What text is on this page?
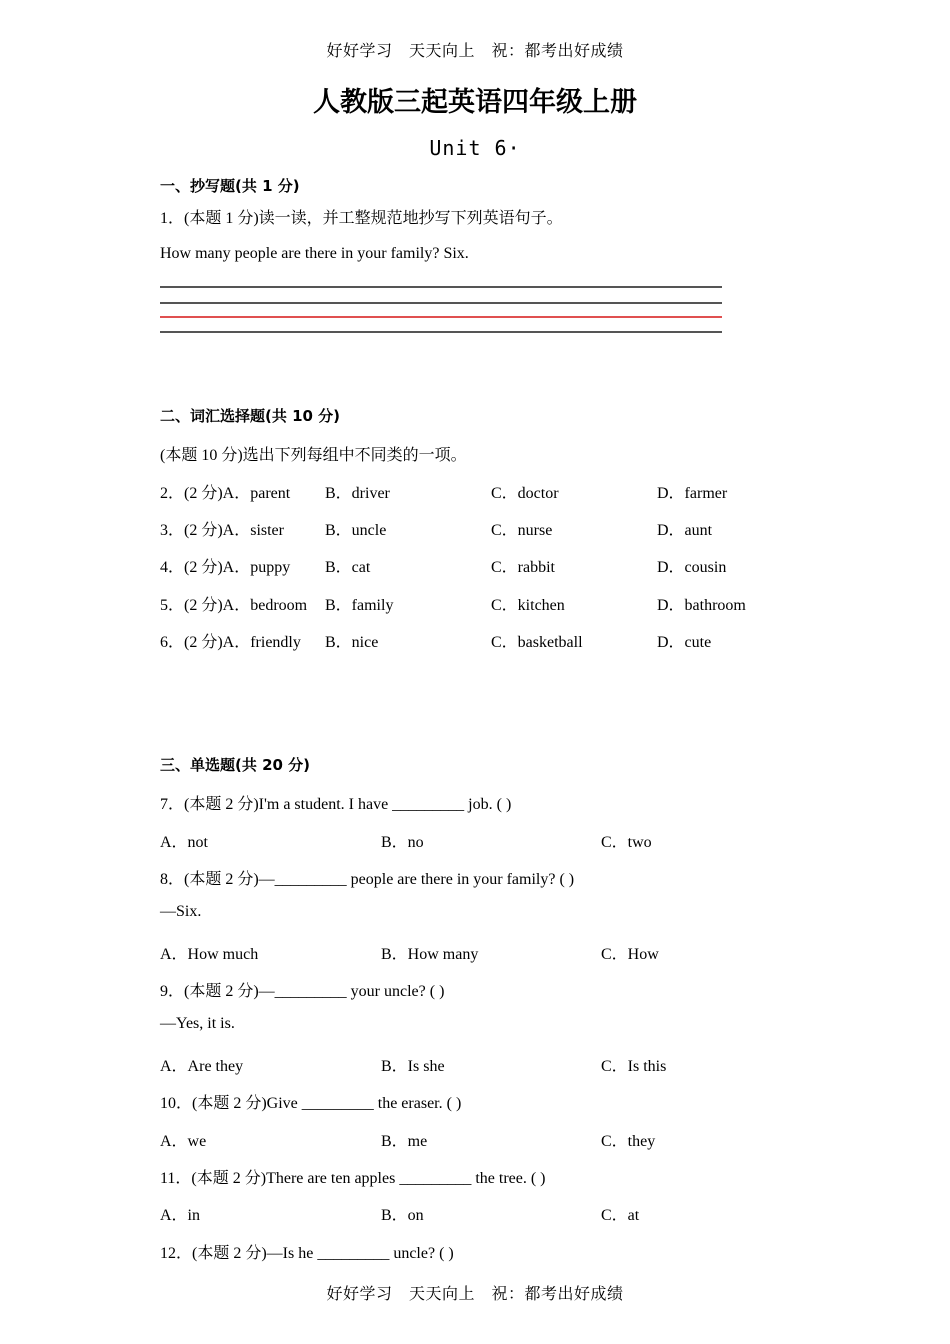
好好学习　天天向上　祝：都考出好成绩
人教版三起英语四年级上册
Unit 6·
一、抄写题(共 1 分)
1．(本题 1 分)读一读，并工整规范地抄写下列英语句子。
How many people are there in your family? Six.
二、词汇选择题(共 10 分)
(本题 10 分)选出下列每组中不同类的一项。
2．(2 分)A．parent B．driver	C．doctor	D．farmer
3．(2 分)A．sister	B．uncle	C．nurse	D．aunt
4．(2 分)A．puppy B．cat	C．rabbit	D．cousin
5．(2 分)A．bedroom B．family	C．kitchen	D．bathroom
6．(2 分)A．friendly B．nice	C．basketball	D．cute
三、单选题(共 20 分)
7．(本题 2 分)I'm a student. I have _________ job. ( )
A．not	B．no	C．two
8．(本题 2 分)—_________ people are there in your family? ( )
—Six.
A．How much	B．How many	C．How
9．(本题 2 分)—_________ your uncle? ( )
—Yes, it is.
A．Are they	B．Is she	C．Is this
10．(本题 2 分)Give _________ the eraser. ( )
A．we	B．me	C．they
11．(本题 2 分)There are ten apples _________ the tree. ( )
A．in	B．on	C．at
12．(本题 2 分)—Is he _________ uncle? ( )
好好学习　天天向上　祝：都考出好成绩
